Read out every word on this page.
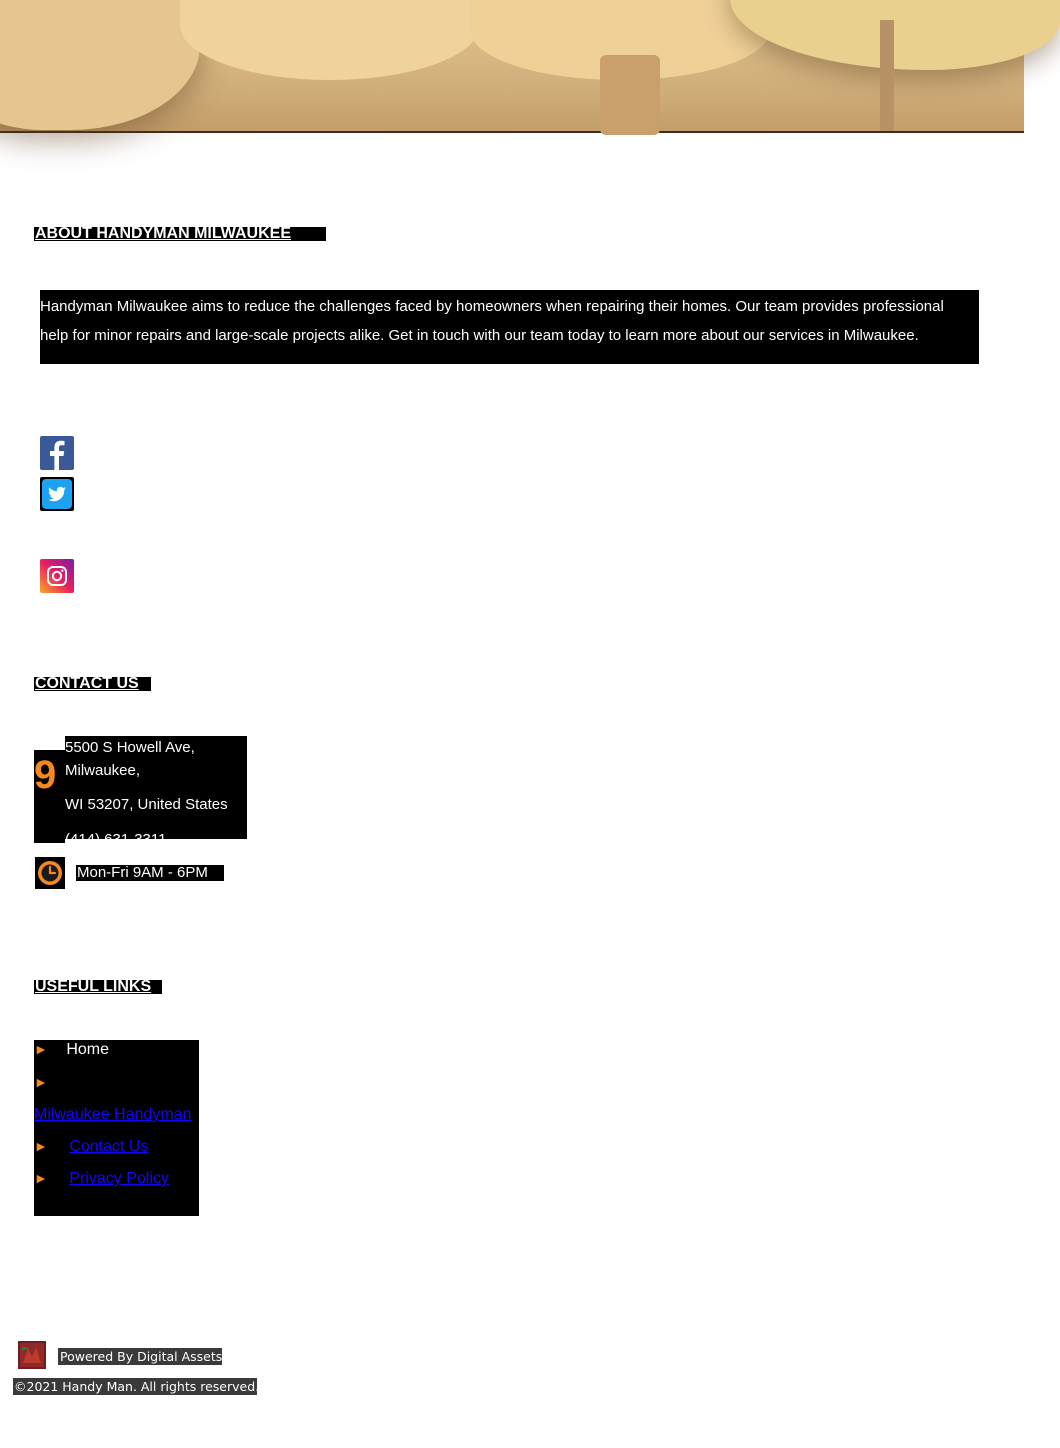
ABOUT HANDYMAN MILWAUKEE
Handyman Milwaukee aims to reduce the challenges faced by homeowners when repairing their homes. Our team provides professional
help for minor repairs and large-scale projects alike. Get in touch with our team today to learn more about our services in Milwaukee.
CONTACT US
9
5500 S Howell Ave,
Milwaukee,
WI 53207, United States
(414) 631-3311
Mon-Fri 9AM - 6PM
USEFUL LINKS
► Home
►
Milwaukee Handyman
► Contact Us
► Privacy Policy
Powered By Digital Assets
©2021 Handy Man. All rights reserved.
